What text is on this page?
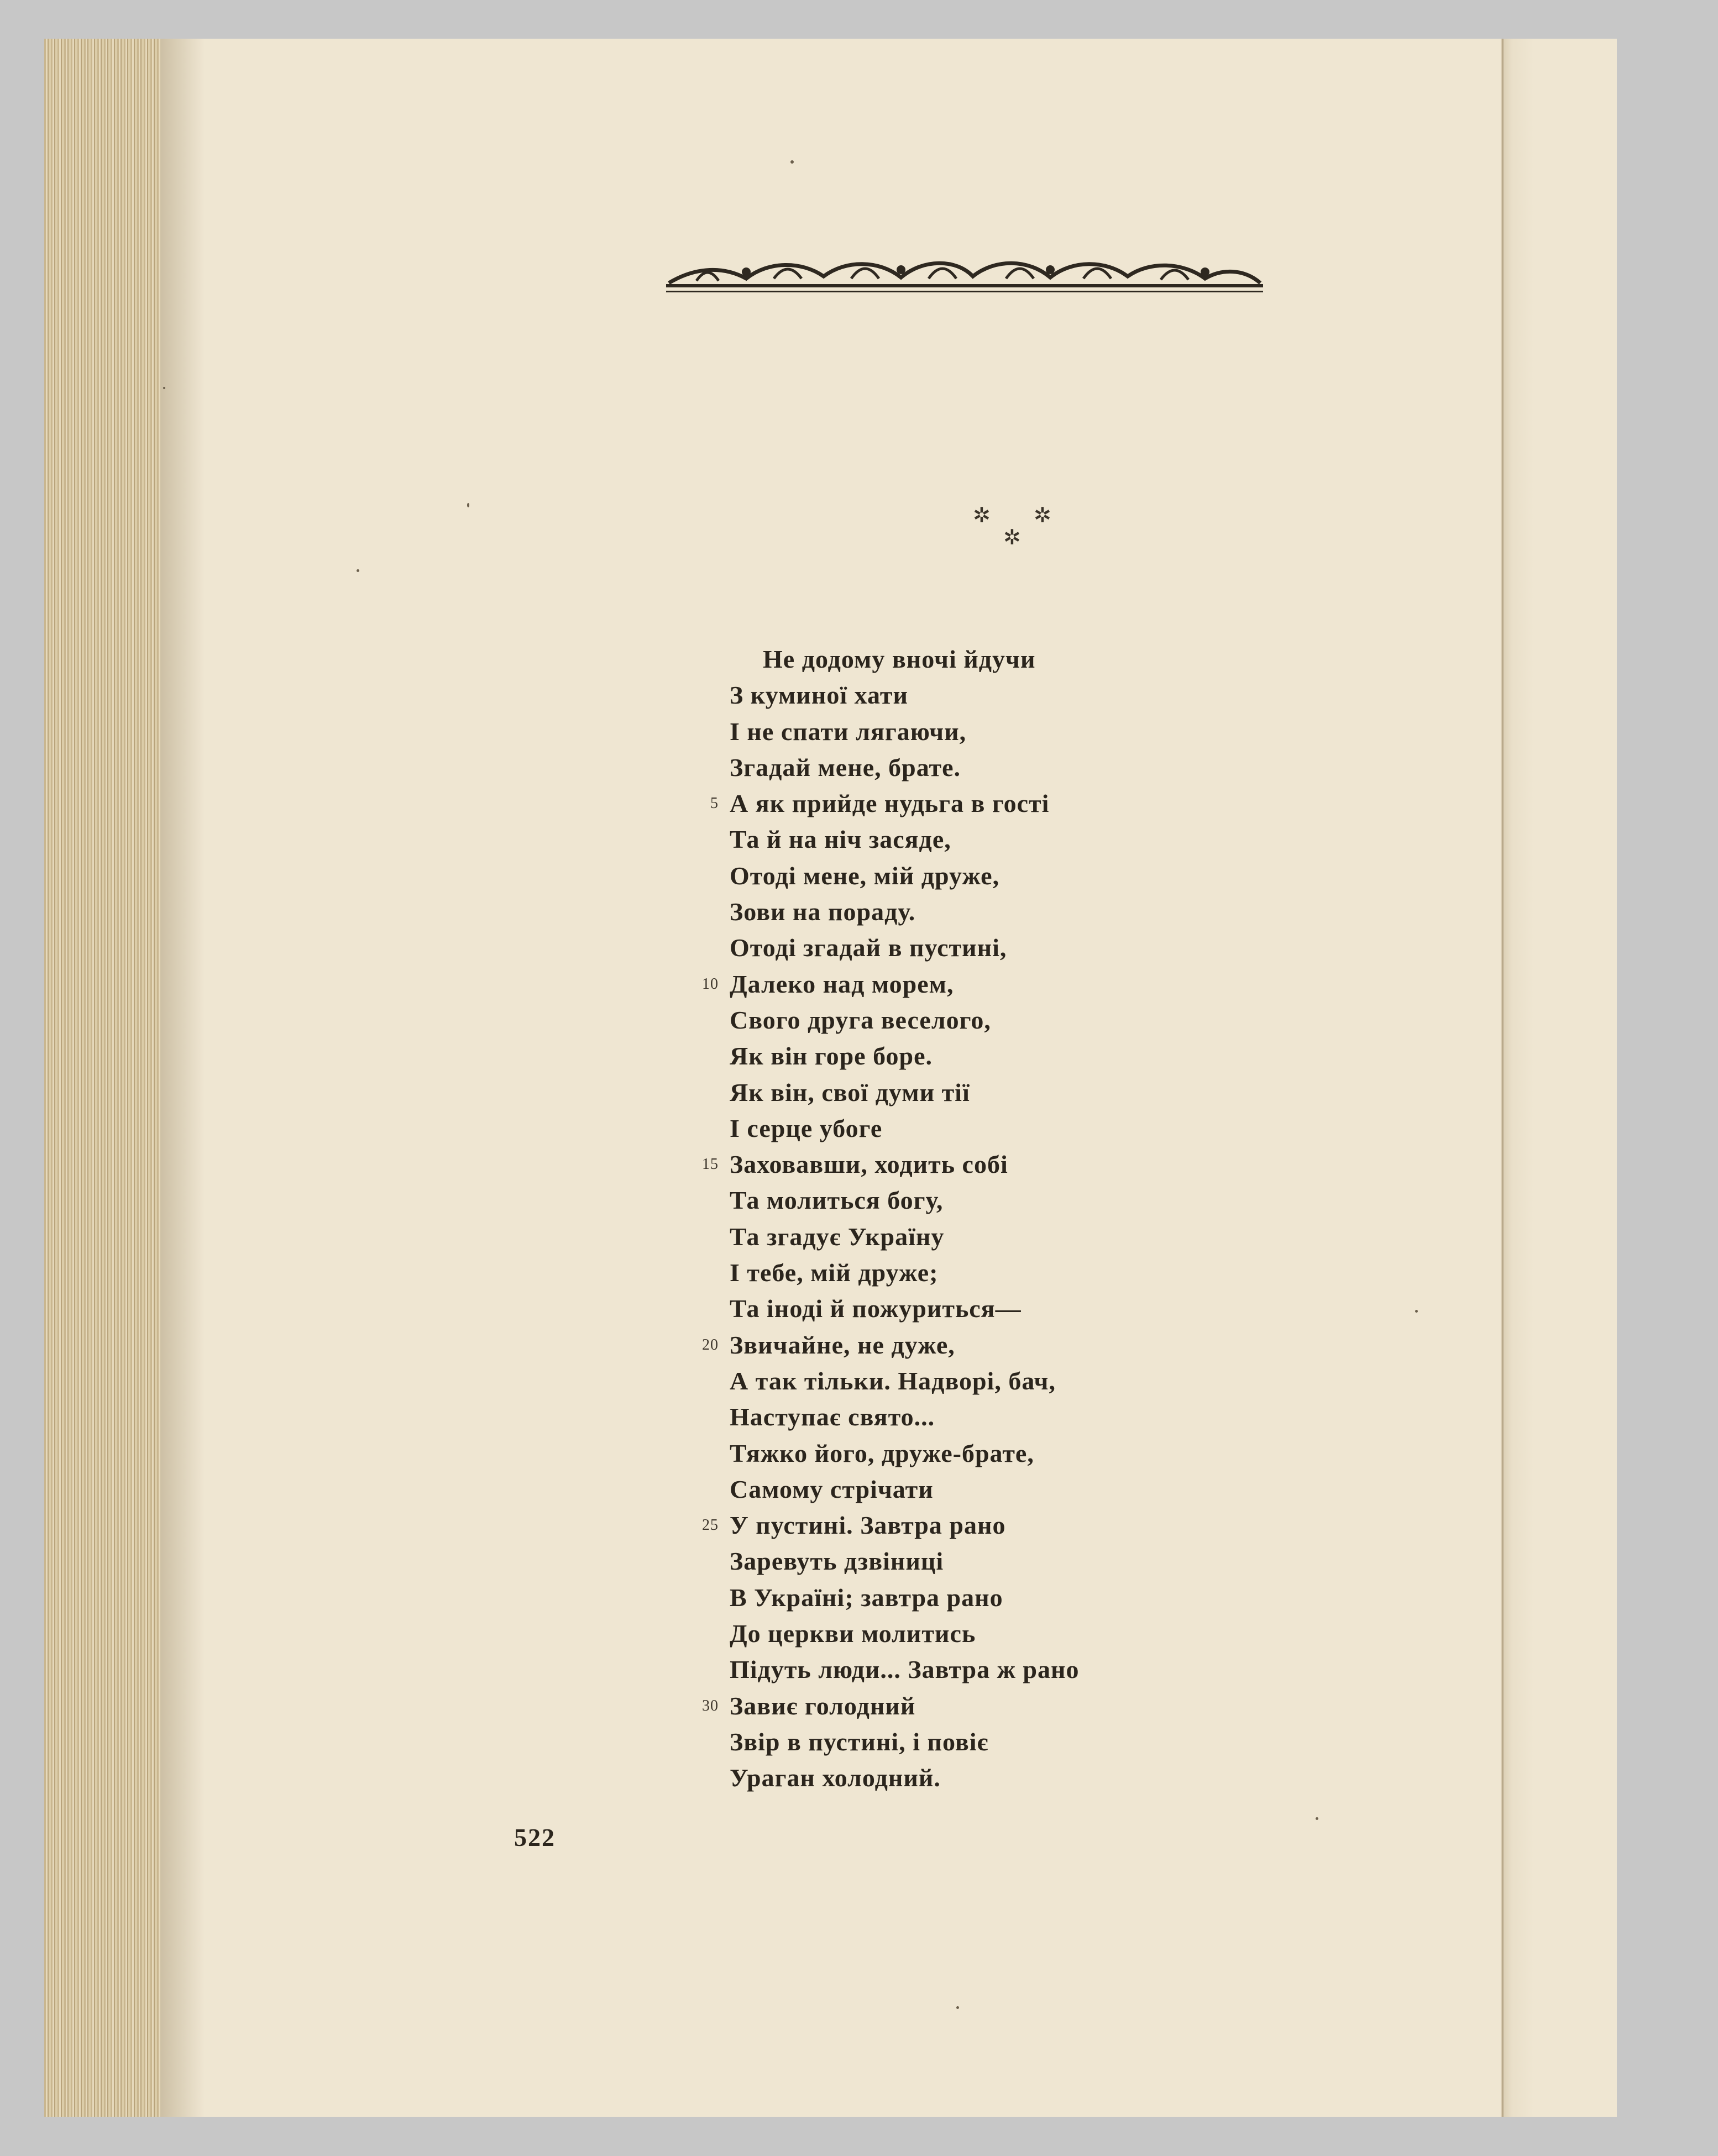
✲ ✲
✲
Не додому вночі йдучи
З куминої хати
І не спати лягаючи,
Згадай мене, брате.
5 А як прийде нудьга в гості
Та й на ніч засяде,
Отоді мене, мій друже,
Зови на пораду.
Отоді згадай в пустині,
10 Далеко над морем,
Свого друга веселого,
Як він горе боре.
Як він, свої думи тії
І серце убоге
15 Заховавши, ходить собі
Та молиться богу,
Та згадує Україну
І тебе, мій друже;
Та іноді й пожуриться—
20 Звичайне, не дуже,
А так тільки. Надворі, бач,
Наступає свято...
Тяжко його, друже-брате,
Самому стрічати
25 У пустині. Завтра рано
Заревуть дзвіниці
В Україні; завтра рано
До церкви молитись
Підуть люди... Завтра ж рано
30 Завиє голодний
Звір в пустині, і повіє
Ураган холодний.
522
